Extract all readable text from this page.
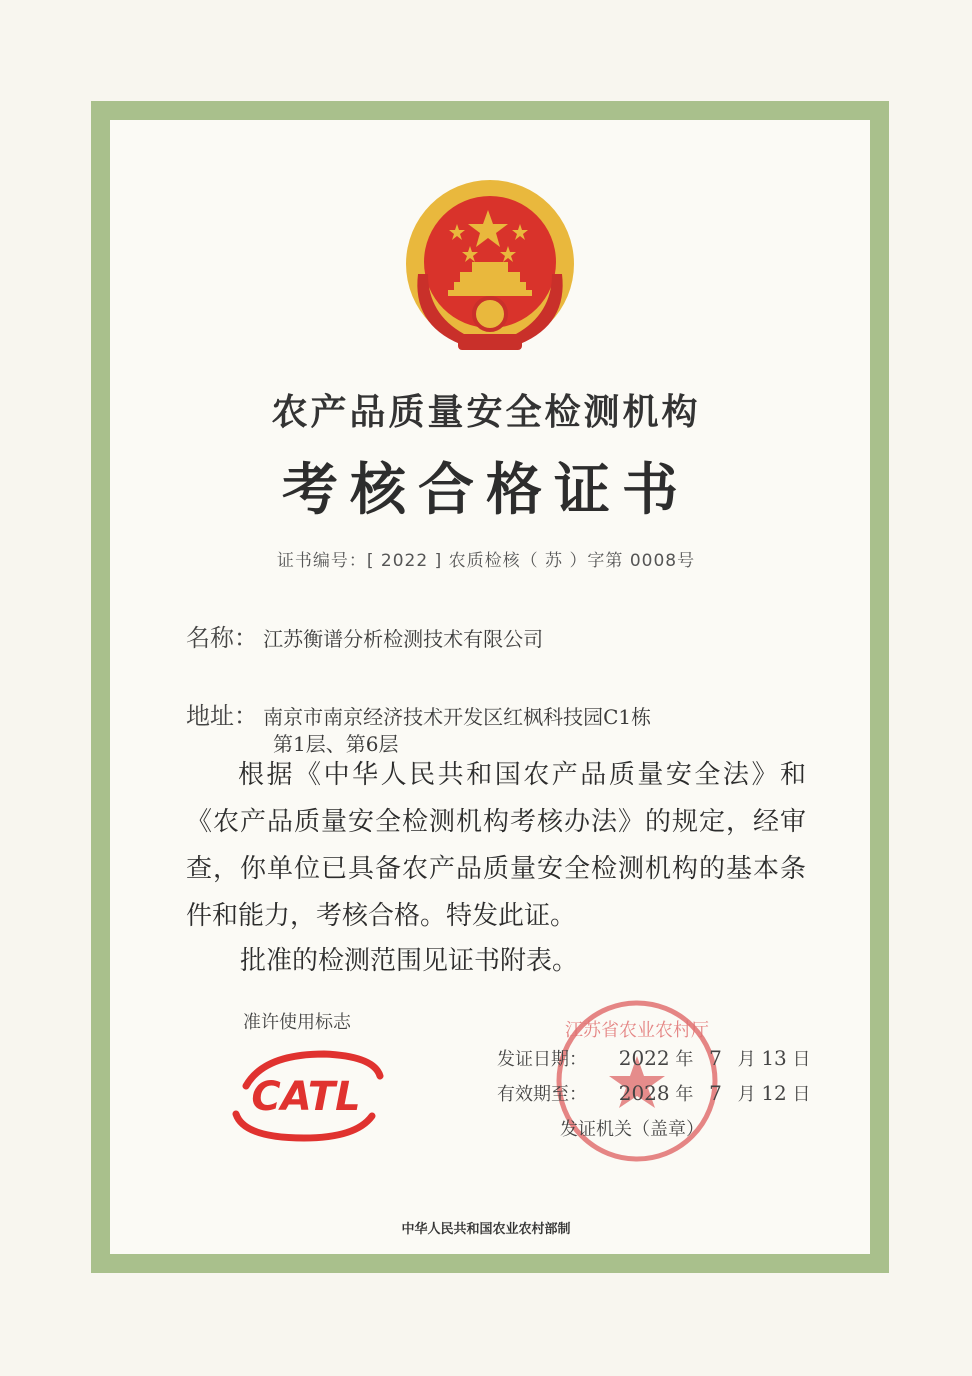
农产品质量安全检测机构
考核合格证书
证书编号：[ 2022 ] 农质检核（ 苏 ）字第 0008号
名称： 江苏衡谱分析检测技术有限公司
地址： 南京市南京经济技术开发区红枫科技园C1栋
第1层、第6层
根据《中华人民共和国农产品质量安全法》和《农产品质量安全检测机构考核办法》的规定，经审查，你单位已具备农产品质量安全检测机构的基本条件和能力，考核合格。特发此证。
批准的检测范围见证书附表。
准许使用标志
CATL
江苏省农业农村厅
发证日期： 2022 年 7 月 13 日
有效期至： 2028 年 7 月 12 日
发证机关（盖章）
中华人民共和国农业农村部制
